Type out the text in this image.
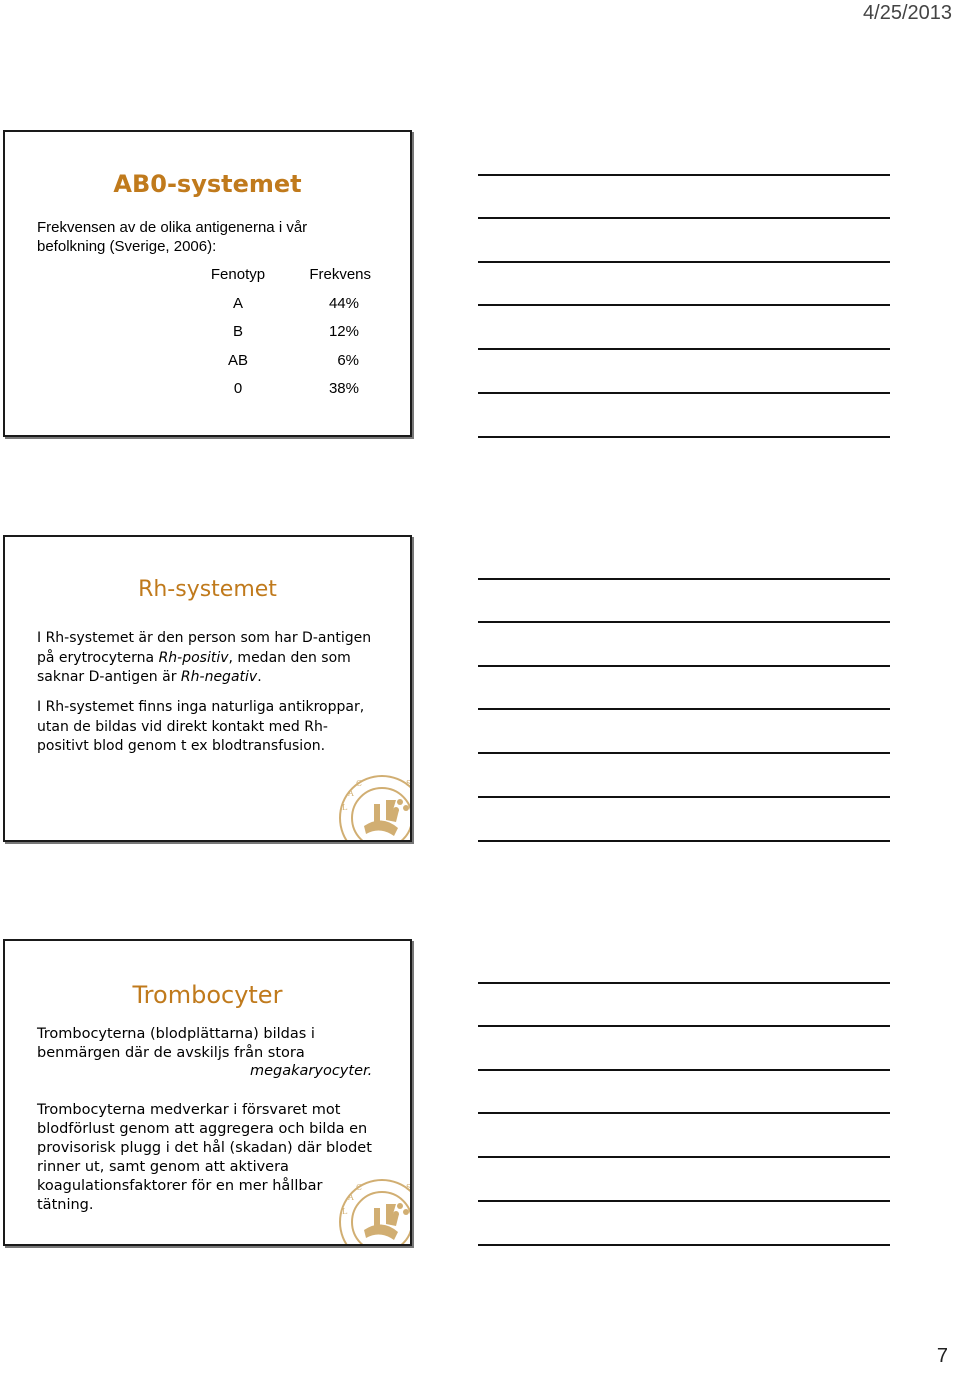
4/25/2013
AB0-systemet
Frekvensen av de olika antigenerna i vår befolkning (Sverige, 2006):
Fenotyp	Frekvens
A	44%
B	12%
AB	6%
0	38%
Rh-systemet
I Rh-systemet är den person som har D-antigen på erytrocyterna Rh-positiv, medan den som saknar D-antigen är Rh-negativ.
I Rh-systemet finns inga naturliga antikroppar, utan de bildas vid direkt kontakt med Rh-positivt blod genom t ex blodtransfusion.
A
L
C	S
I
Trombocyter
Trombocyterna (blodplättarna) bildas i benmärgen där de avskiljs från stora
megakaryocyter.
Trombocyterna medverkar i försvaret mot blodförlust genom att aggregera och bilda en provisorisk plugg i det hål (skadan) där blodet rinner ut, samt genom att aktivera koagulationsfaktorer för en mer hållbar tätning.	A
L
C	S
I
7
